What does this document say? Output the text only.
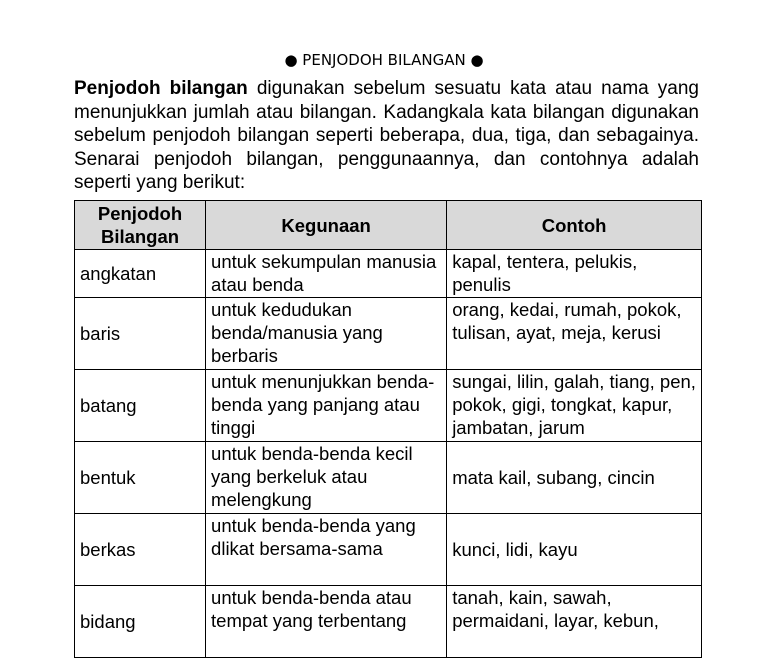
● PENJODOH BILANGAN ●

Penjodoh bilangan digunakan sebelum sesuatu kata atau nama yang menunjukkan jumlah atau bilangan. Kadangkala kata bilangan digunakan sebelum penjodoh bilangan seperti beberapa, dua, tiga, dan sebagainya. Senarai penjodoh bilangan, penggunaannya, dan contohnya adalah seperti yang berikut:

Penjodoh Bilangan	Kegunaan	Contoh
angkatan	untuk sekumpulan manusia atau benda	kapal, tentera, pelukis, penulis
baris	untuk kedudukan benda/manusia yang berbaris	orang, kedai, rumah, pokok, tulisan, ayat, meja, kerusi
batang	untuk menunjukkan benda-benda yang panjang atau tinggi	sungai, lilin, galah, tiang, pen, pokok, gigi, tongkat, kapur, jambatan, jarum
bentuk	untuk benda-benda kecil yang berkeluk atau melengkung	mata kail, subang, cincin
berkas	untuk benda-benda yang dlikat bersama-sama	kunci, lidi, kayu
bidang	untuk benda-benda atau tempat yang terbentang	tanah, kain, sawah, permaidani, layar, kebun,
